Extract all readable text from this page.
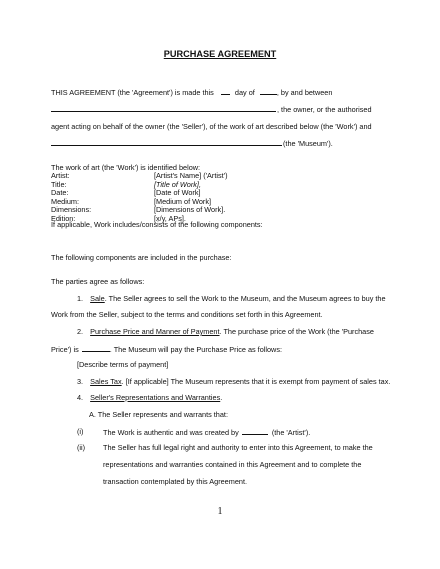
PURCHASE AGREEMENT
THIS AGREEMENT (the 'Agreement') is made this	day of	, by and between
, the owner, or the authorised
agent acting on behalf of the owner (the 'Seller'), of the work of art described below (the 'Work') and
(the 'Museum').
The work of art (the 'Work') is identified below:
Artist:	[Artist's Name] ('Artist')
Title:	[Title of Work],
Date:	[Date of Work]
Medium:	[Medium of Work]
Dimensions:	[Dimensions of Work].
Edition:	[x/y, APs].
If applicable, Work includes/consists of the following components:
The following components are included in the purchase:
The parties agree as follows:
1. Sale. The Seller agrees to sell the Work to the Museum, and the Museum agrees to buy the
Work from the Seller, subject to the terms and conditions set forth in this Agreement.
2. Purchase Price and Manner of Payment. The purchase price of the Work (the 'Purchase
Price') is	. The Museum will pay the Purchase Price as follows:
[Describe terms of payment]
3. Sales Tax. [If applicable] The Museum represents that it is exempt from payment of sales tax.
4. Seller's Representations and Warranties.
A. The Seller represents and warrants that:
(i)	The Work is authentic and was created by	(the 'Artist').
(ii) The Seller has full legal right and authority to enter into this Agreement, to make the
representations and warranties contained in this Agreement and to complete the
transaction contemplated by this Agreement.
1
